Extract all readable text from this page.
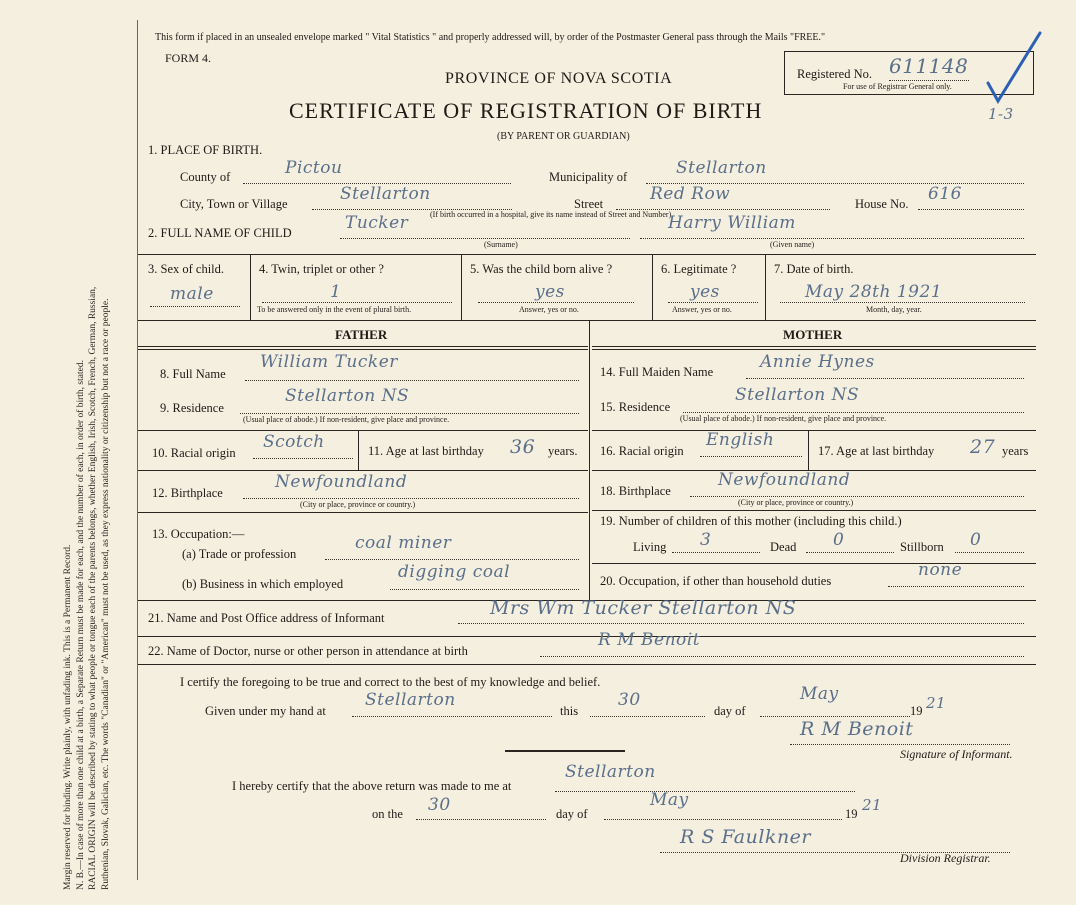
Margin reserved for binding. Write plainly, with unfading ink. This is a Permanent Record. N. B.—In case of more than one child at a birth, a Separate Return must be made for each, and the number of each, in order of birth, stated. RACIAL ORIGIN will be described by stating to what people or tongue each of the parents belongs, whether English, Irish, Scotch, French, German, Russian, Ruthenian, Slovak, Galician, etc. The words "Canadian" or "American" must not be used, as they express nationality or citizenship but not a race or people.
This form if placed in an unsealed envelope marked " Vital Statistics " and properly addressed will, by order of the Postmaster General pass through the Mails "FREE."
FORM 4.
PROVINCE OF NOVA SCOTIA
CERTIFICATE OF REGISTRATION OF BIRTH
(BY PARENT OR GUARDIAN)
Registered No. 611148
For use of Registrar General only.
1-3
1. PLACE OF BIRTH.
County of	Pictou	Municipality of	Stellarton
City, Town or Village	Stellarton	Street	Red Row	House No. 616
(If birth occurred in a hospital, give its name instead of Street and Number)
2. FULL NAME OF CHILD	Tucker
(Surname)
Harry William
(Given name)
3. Sex of child.
male
4. Twin, triplet or other ?
1
To be answered only in the event of plural birth.
5. Was the child born alive ?
yes
Answer, yes or no.
6. Legitimate ?
yes
Answer, yes or no.
7. Date of birth.
May 28th 1921
Month, day, year.
FATHER	MOTHER
8. Full Name
William Tucker
9. Residence
Stellarton NS
(Usual place of abode.) If non-resident, give place and province.
10. Racial origin
Scotch	11. Age at last birthday 36 years.
12. Birthplace
Newfoundland
(City or place, province or country.)
13. Occupation:—
(a) Trade or profession
coal miner
(b) Business in which employed
digging coal
14. Full Maiden Name	Annie Hynes
15. Residence
Stellarton NS
(Usual place of abode.) If non-resident, give place and province.
16. Racial origin
English
17. Age at last birthday 27 years
18. Birthplace
Newfoundland
(City or place, province or country.)
19. Number of children of this mother (including this child.)
Living 3	Dead 0	Stillborn 0
20. Occupation, if other than household duties
none
21. Name and Post Office address of Informant	Mrs Wm Tucker Stellarton NS
22. Name of Doctor, nurse or other person in attendance at birth
R M Benoit
I certify the foregoing to be true and correct to the best of my knowledge and belief.
Given under my hand at
Stellarton
this
30
day of
May
19 21
R M Benoit
Signature of Informant.
I hereby certify that the above return was made to me at
Stellarton
on the 30	day of
May
19 21
R S Faulkner
Division Registrar.
